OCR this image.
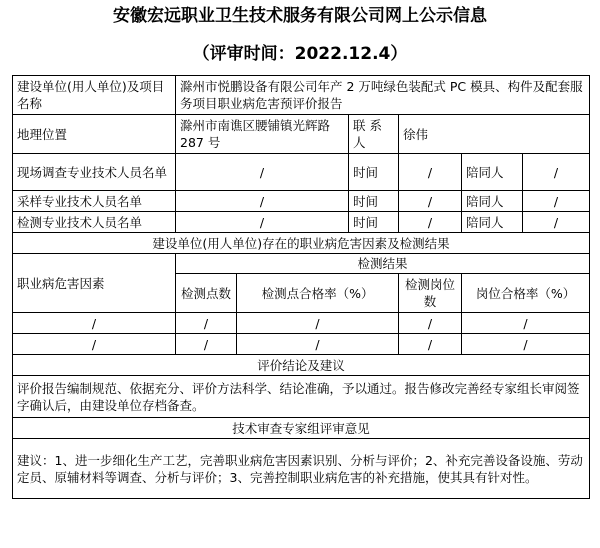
安徽宏远职业卫生技术服务有限公司网上公示信息
（评审时间：2022.12.4）
建设单位(用人单位)及项目名称	滁州市悦鹏设备有限公司年产 2 万吨绿色装配式 PC 模具、构件及配套服务项目职业病危害预评价报告					
地理位置	滁州市南谯区腰铺镇光辉路 287 号		联 系人	徐伟		
现场调查专业技术人员名单	/		时间	/	陪同人	/
采样专业技术人员名单	/		时间	/	陪同人	/
检测专业技术人员名单	/		时间	/	陪同人	/
建设单位(用人单位)存在的职业病危害因素及检测结果						
职业病危害因素	检测结果					
	检测点数	检测点合格率（%）		检测岗位数	岗位合格率（%）	
/	/	/		/	/	
/	/	/		/	/	
评价结论及建议						
评价报告编制规范、依据充分、评价方法科学、结论准确，予以通过。报告修改完善经专家组长审阅签字确认后，由建设单位存档备查。						
技术审查专家组评审意见						
建议：1、进一步细化生产工艺，完善职业病危害因素识别、分析与评价；2、补充完善设备设施、劳动定员、原辅材料等调查、分析与评价；3、完善控制职业病危害的补充措施，使其具有针对性。						
